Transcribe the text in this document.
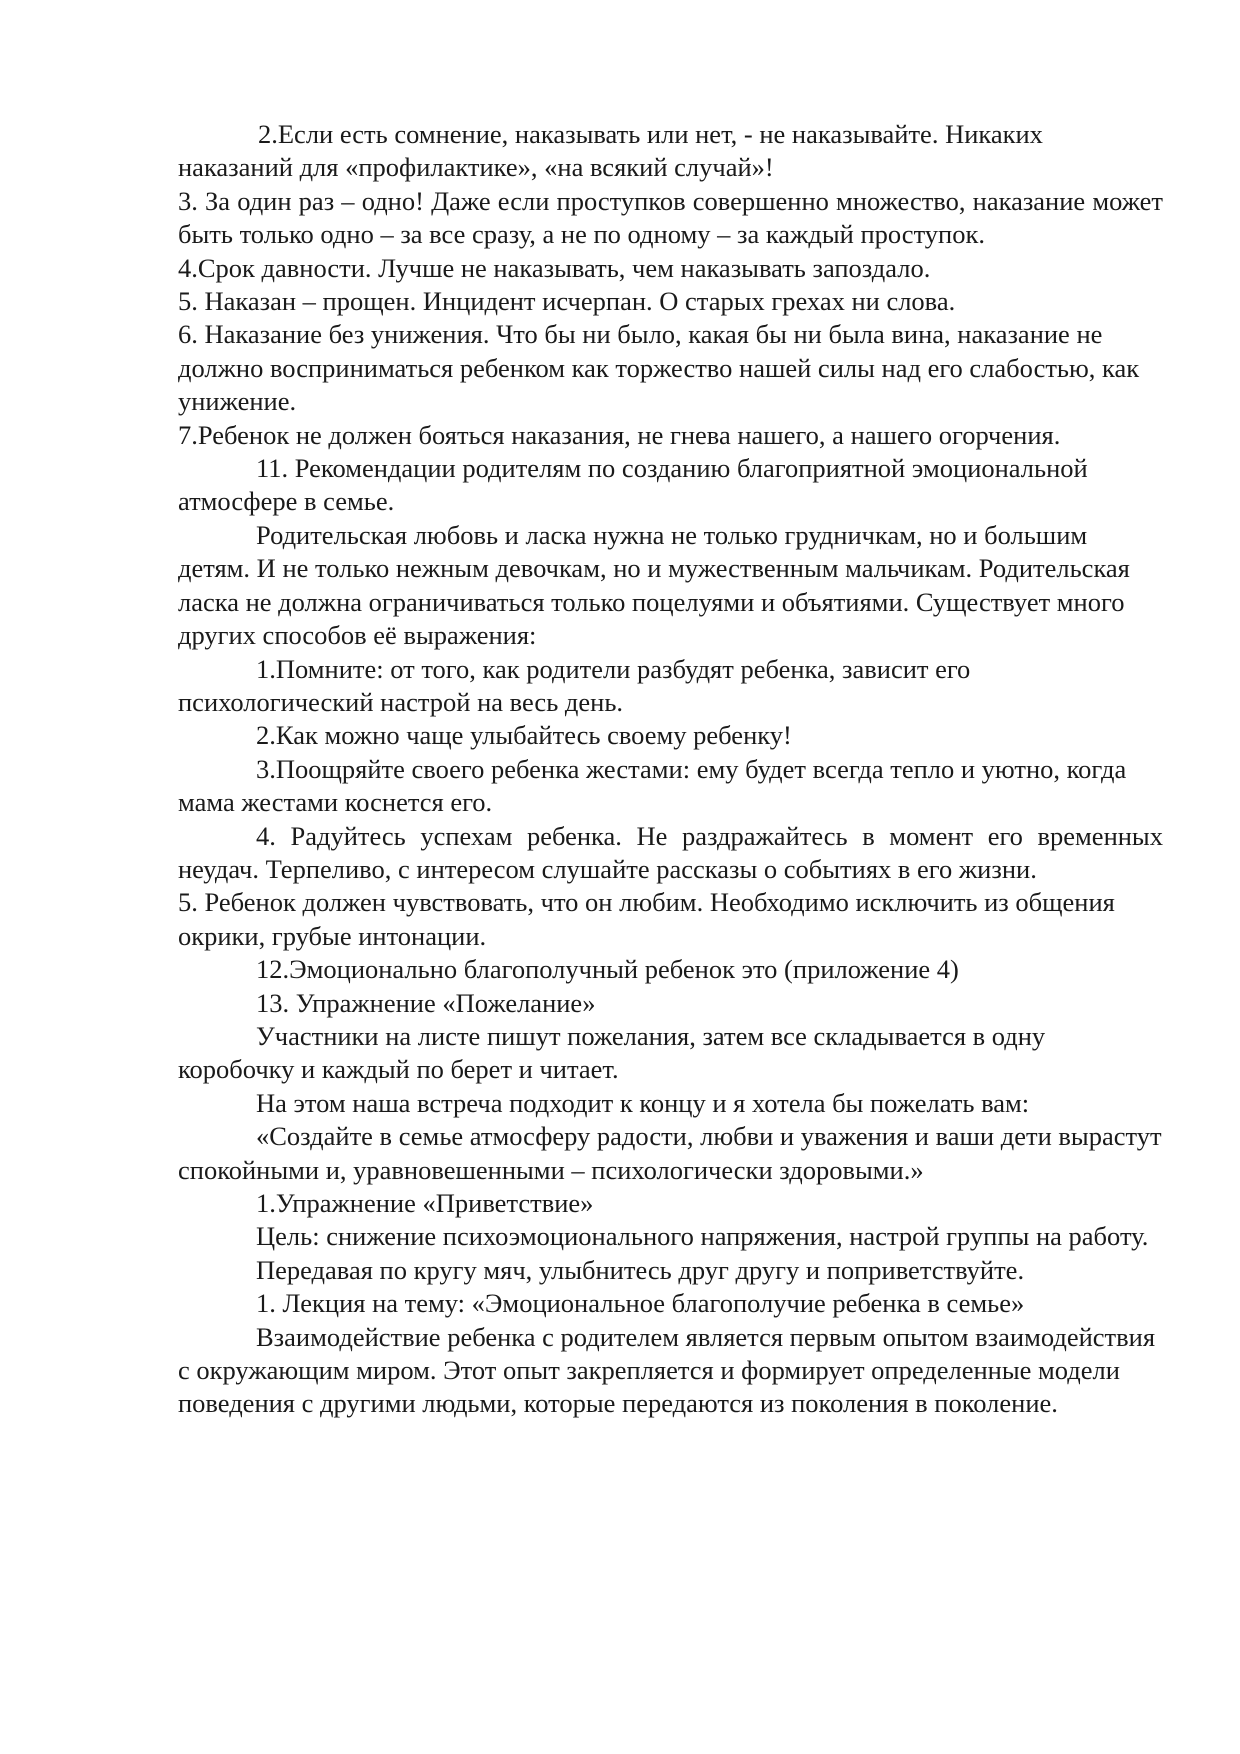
2.Если есть сомнение, наказывать или нет, - не наказывайте. Никаких наказаний для «профилактике», «на всякий случай»!

3. За один раз – одно! Даже если проступков совершенно множество, наказание может быть только одно – за все сразу, а не по одному – за каждый проступок.

4.Срок давности. Лучше не наказывать, чем наказывать запоздало.

5. Наказан – прощен. Инцидент исчерпан. О старых грехах ни слова.

6. Наказание без унижения. Что бы ни было, какая бы ни была вина, наказание не должно восприниматься ребенком как торжество нашей силы над его слабостью, как унижение.

7.Ребенок не должен бояться наказания, не гнева нашего, а нашего огорчения.

11. Рекомендации родителям по созданию благоприятной эмоциональной атмосфере в семье.

Родительская любовь и ласка нужна не только грудничкам, но и большим детям. И не только нежным девочкам, но и мужественным мальчикам. Родительская ласка не должна ограничиваться только поцелуями и объятиями. Существует много других способов её выражения:

1.Помните: от того, как родители разбудят ребенка, зависит его психологический настрой на весь день.

2.Как можно чаще улыбайтесь своему ребенку!

3.Поощряйте своего ребенка жестами: ему будет всегда тепло и уютно, когда мама жестами коснется его.

4. Радуйтесь успехам ребенка. Не раздражайтесь в момент его временных неудач. Терпеливо, с интересом слушайте рассказы о событиях в его жизни.

5. Ребенок должен чувствовать, что он любим. Необходимо исключить из общения окрики, грубые интонации.

12.Эмоционально благополучный ребенок это (приложение 4)

13. Упражнение «Пожелание»

Участники на листе пишут пожелания, затем все складывается в одну коробочку и каждый по берет и читает.

На этом наша встреча подходит к концу и я хотела бы пожелать вам:

«Создайте в семье атмосферу радости, любви и уважения и ваши дети вырастут спокойными и, уравновешенными – психологически здоровыми.»

1.Упражнение «Приветствие»

Цель: снижение психоэмоционального напряжения, настрой группы на работу.

Передавая по кругу мяч, улыбнитесь друг другу и поприветствуйте.

1. Лекция на тему: «Эмоциональное благополучие ребенка в семье»

Взаимодействие ребенка с родителем является первым опытом взаимодействия с окружающим миром. Этот опыт закрепляется и формирует определенные модели поведения с другими людьми, которые передаются из поколения в поколение.
